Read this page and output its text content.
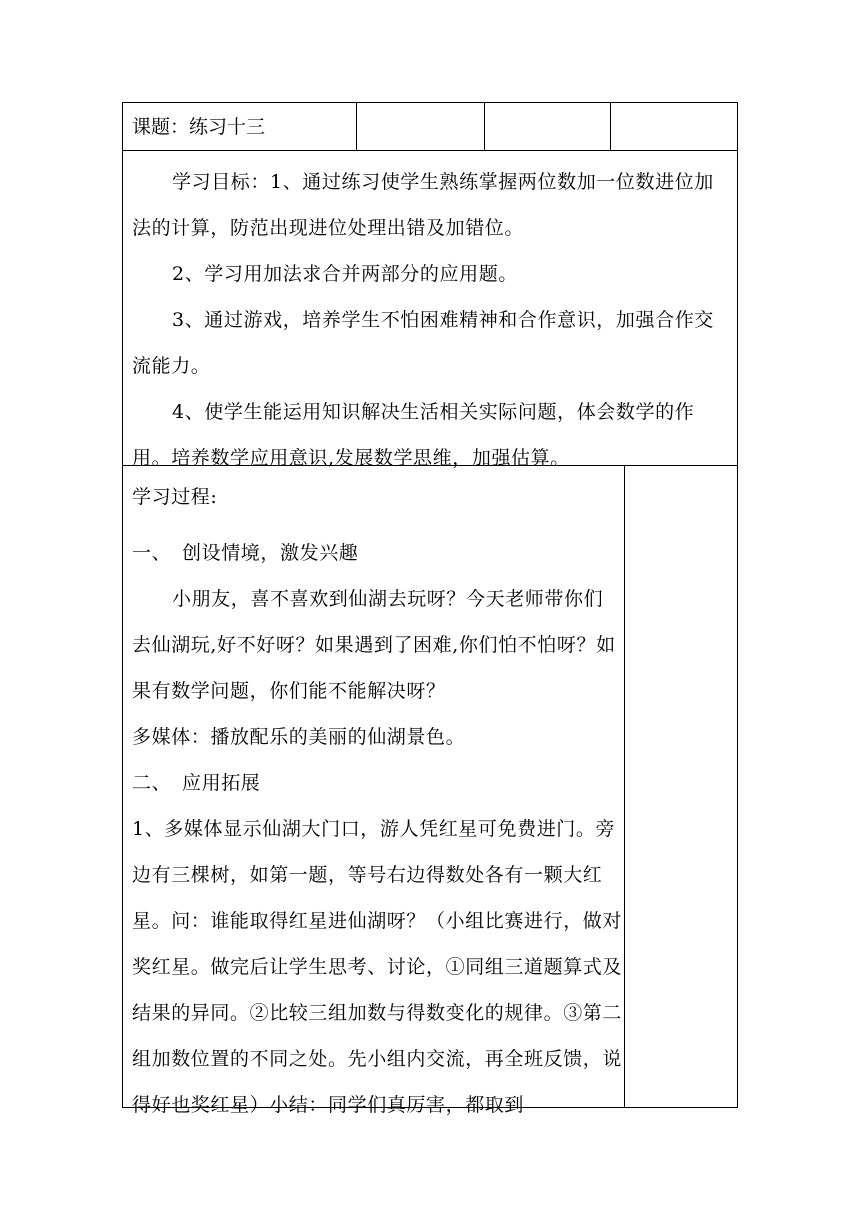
课题：练习十三

学习目标：1、通过练习使学生熟练掌握两位数加一位数进位加法的计算，防范出现进位处理出错及加错位。

2、学习用加法求合并两部分的应用题。

3、通过游戏，培养学生不怕困难精神和合作意识，加强合作交流能力。

4、使学生能运用知识解决生活相关实际问题，体会数学的作用。培养数学应用意识,发展数学思维，加强估算。

学习过程:

一、 创设情境，激发兴趣

小朋友，喜不喜欢到仙湖去玩呀？今天老师带你们去仙湖玩,好不好呀？如果遇到了困难,你们怕不怕呀？如果有数学问题，你们能不能解决呀？

多媒体：播放配乐的美丽的仙湖景色。

二、 应用拓展

1、多媒体显示仙湖大门口，游人凭红星可免费进门。旁边有三棵树，如第一题，等号右边得数处各有一颗大红星。问：谁能取得红星进仙湖呀？（小组比赛进行，做对奖红星。做完后让学生思考、讨论，①同组三道题算式及结果的异同。②比较三组加数与得数变化的规律。③第二组加数位置的不同之处。先小组内交流，再全班反馈，说得好也奖红星）小结：同学们真厉害，都取到
